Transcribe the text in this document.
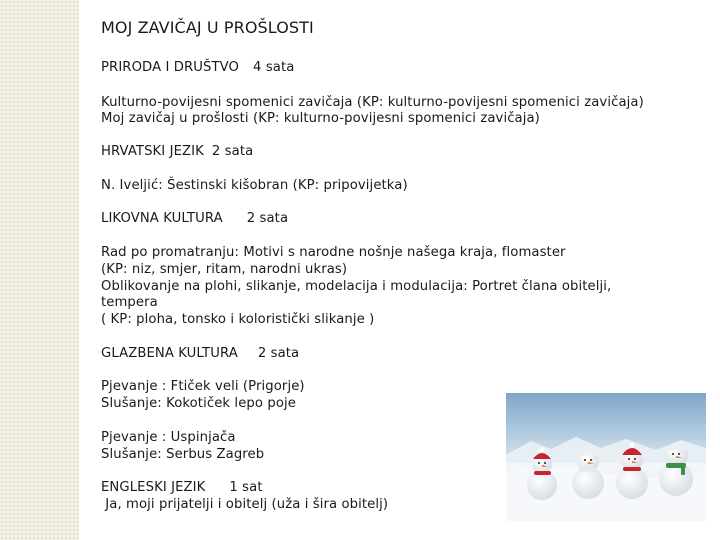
MOJ ZAVIČAJ U PROŠLOSTI
PRIRODA I DRUŠTVO 4 sata
Kulturno-povijesni spomenici zavičaja (KP: kulturno-povijesni spomenici zavičaja)
Moj zavičaj u prošlosti (KP: kulturno-povijesni spomenici zavičaja)
HRVATSKI JEZIK 2 sata
N. Iveljić: Šestinski kišobran (KP: pripovijetka)
LIKOVNA KULTURA 2 sata
Rad po promatranju: Motivi s narodne nošnje našega kraja, flomaster
(KP: niz, smjer, ritam, narodni ukras)
Oblikovanje na plohi, slikanje, modelacija i modulacija: Portret člana obitelji,
tempera
( KP: ploha, tonsko i koloristički slikanje )
GLAZBENA KULTURA 2 sata
Pjevanje : Ftiček veli (Prigorje)
Slušanje: Kokotiček lepo poje
Pjevanje : Uspinjača
Slušanje: Serbus Zagreb
ENGLESKI JEZIK 1 sat
Ja, moji prijatelji i obitelj (uža i šira obitelj)
